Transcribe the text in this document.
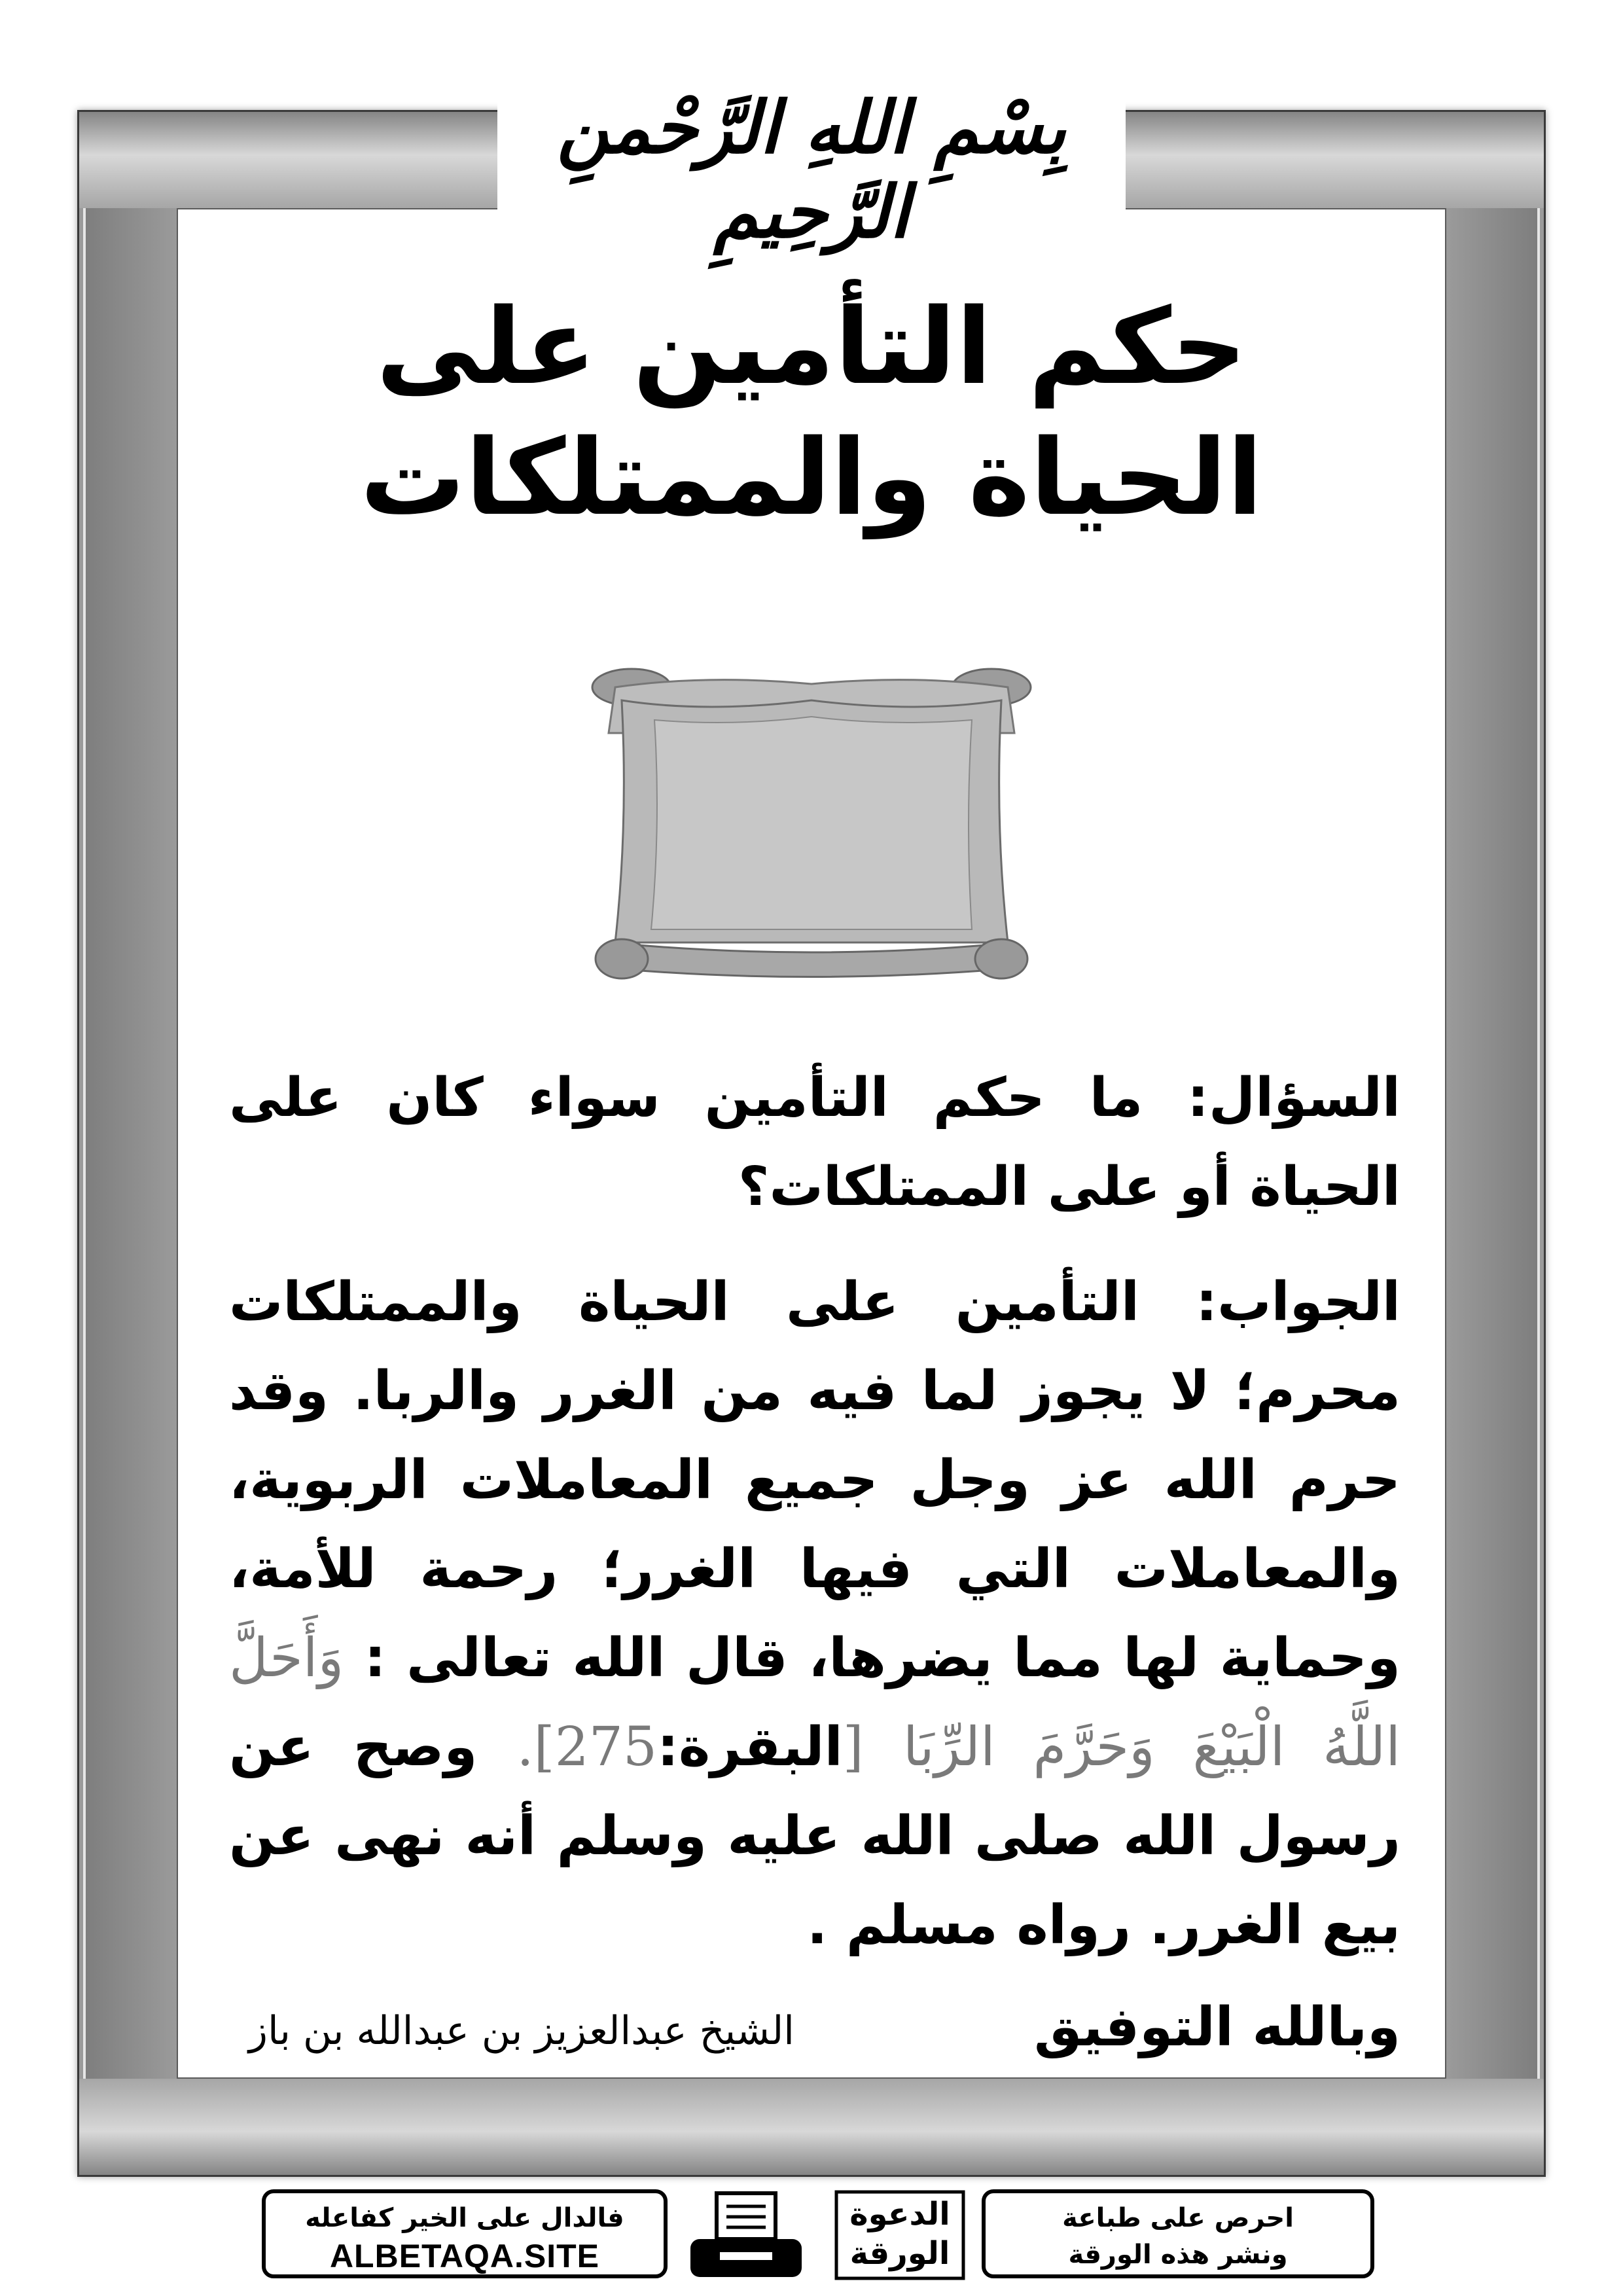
بِسْمِ اللهِ الرَّحْمنِ الرَّحِيمِ
حكم التأمين على
الحياة والممتلكات

السؤال: ما حكم التأمين سواء كان على الحياة أو على الممتلكات؟

الجواب: التأمين على الحياة والممتلكات محرم؛ لا يجوز لما فيه من الغرر والربا. وقد حرم الله عز وجل جميع المعاملات الربوية، والمعاملات التي فيها الغرر؛ رحمة للأمة، وحماية لها مما يضرها، قال الله تعالى : وَأَحَلَّ اللَّهُ الْبَيْعَ وَحَرَّمَ الرِّبَا [البقرة:275]. وصح عن رسول الله صلى الله عليه وسلم أنه نهى عن بيع الغرر. رواه مسلم .

وبالله التوفيق
الشيخ عبدالعزيز بن عبدالله بن باز
احرص على طباعة
ونشر هذه الورقة
الدعوة
الورقة
فالدال على الخير كفاعله
ALBETAQA.SITE
